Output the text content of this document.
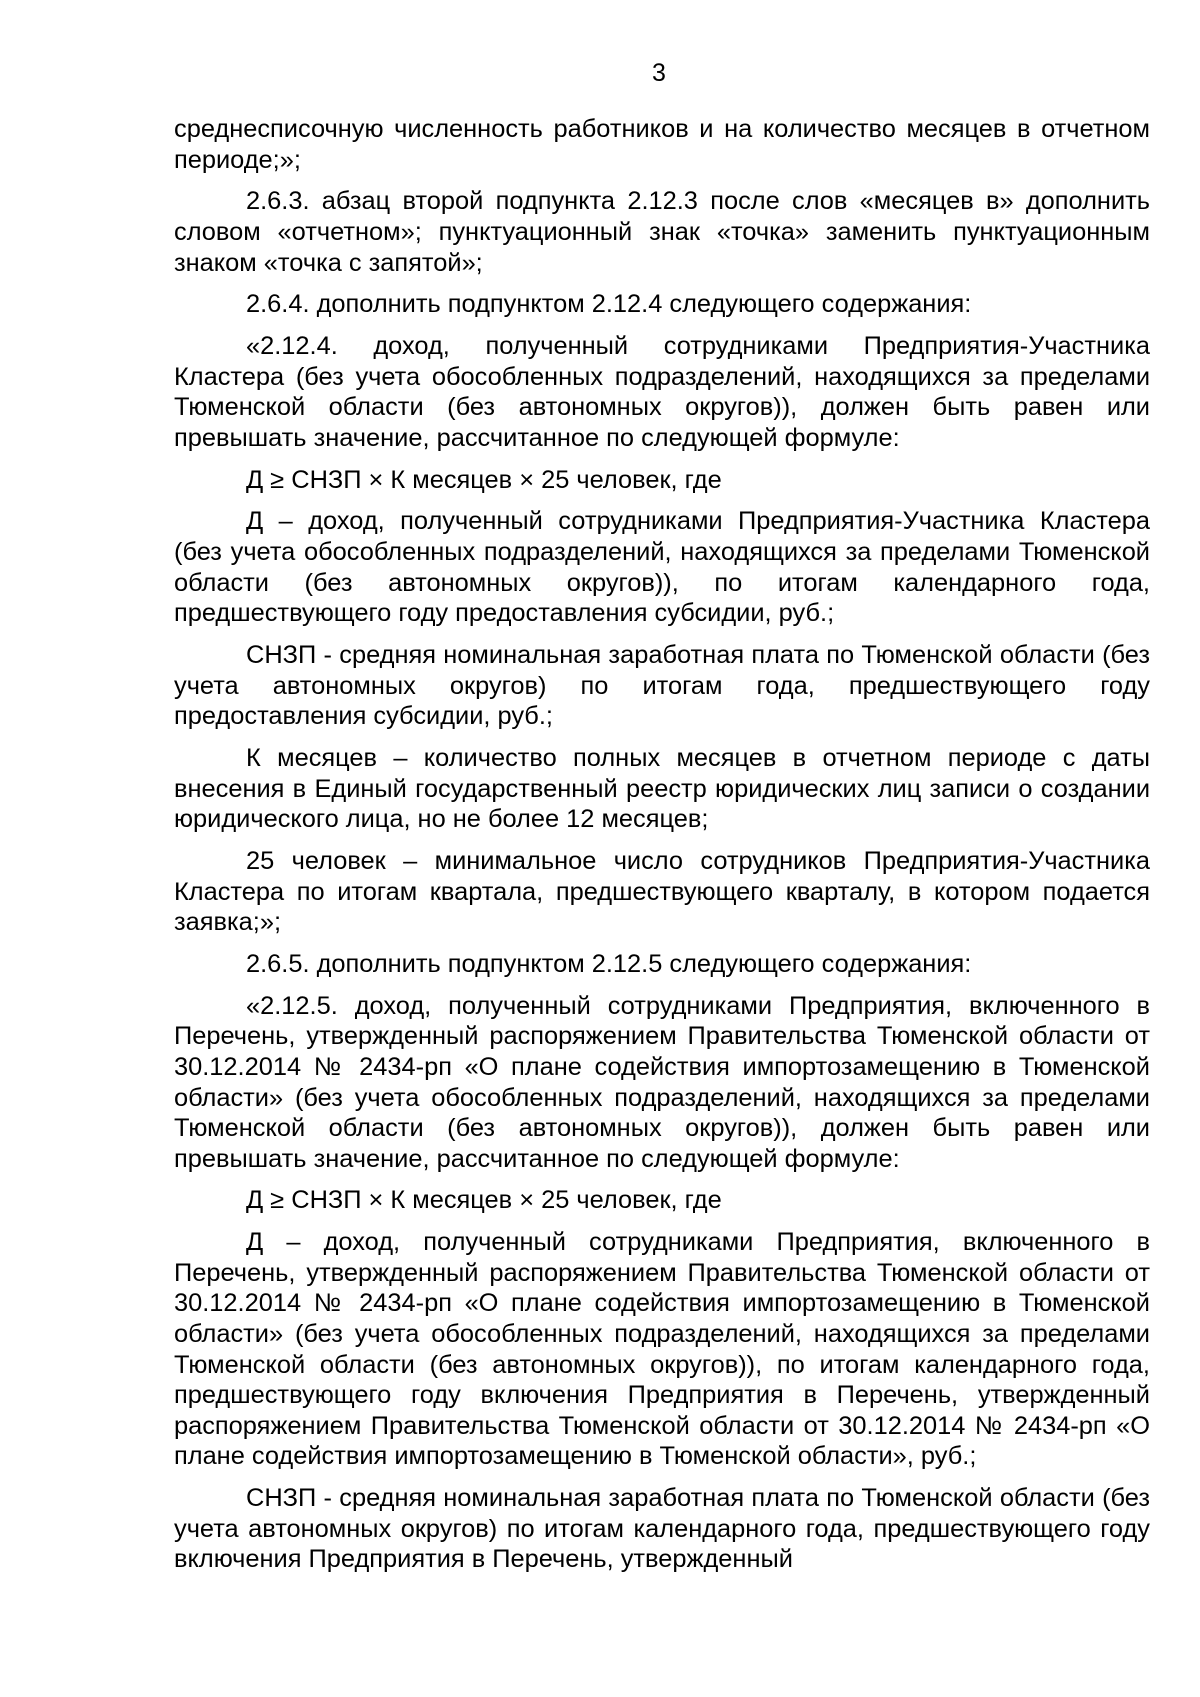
3

среднесписочную численность работников и на количество месяцев в отчетном периоде;»;

2.6.3. абзац второй подпункта 2.12.3 после слов «месяцев в» дополнить словом «отчетном»; пунктуационный знак «точка» заменить пунктуационным знаком «точка с запятой»;

2.6.4. дополнить подпунктом 2.12.4 следующего содержания:

«2.12.4. доход, полученный сотрудниками Предприятия-Участника Кластера (без учета обособленных подразделений, находящихся за пределами Тюменской области (без автономных округов)), должен быть равен или превышать значение, рассчитанное по следующей формуле:

Д ≥ СНЗП × К месяцев × 25 человек, где

Д – доход, полученный сотрудниками Предприятия-Участника Кластера (без учета обособленных подразделений, находящихся за пределами Тюменской области (без автономных округов)), по итогам календарного года, предшествующего году предоставления субсидии, руб.;

СНЗП - средняя номинальная заработная плата по Тюменской области (без учета автономных округов) по итогам года, предшествующего году предоставления субсидии, руб.;

К месяцев – количество полных месяцев в отчетном периоде с даты внесения в Единый государственный реестр юридических лиц записи о создании юридического лица, но не более 12 месяцев;

25 человек – минимальное число сотрудников Предприятия-Участника Кластера по итогам квартала, предшествующего кварталу, в котором подается заявка;»;

2.6.5. дополнить подпунктом 2.12.5 следующего содержания:

«2.12.5. доход, полученный сотрудниками Предприятия, включенного в Перечень, утвержденный распоряжением Правительства Тюменской области от 30.12.2014 № 2434-рп «О плане содействия импортозамещению в Тюменской области» (без учета обособленных подразделений, находящихся за пределами Тюменской области (без автономных округов)), должен быть равен или превышать значение, рассчитанное по следующей формуле:

Д ≥ СНЗП × К месяцев × 25 человек, где

Д – доход, полученный сотрудниками Предприятия, включенного в Перечень, утвержденный распоряжением Правительства Тюменской области от 30.12.2014 № 2434-рп «О плане содействия импортозамещению в Тюменской области» (без учета обособленных подразделений, находящихся за пределами Тюменской области (без автономных округов)), по итогам календарного года, предшествующего году включения Предприятия в Перечень, утвержденный распоряжением Правительства Тюменской области от 30.12.2014 № 2434-рп «О плане содействия импортозамещению в Тюменской области», руб.;

СНЗП - средняя номинальная заработная плата по Тюменской области (без учета автономных округов) по итогам календарного года, предшествующего году включения Предприятия в Перечень, утвержденный
